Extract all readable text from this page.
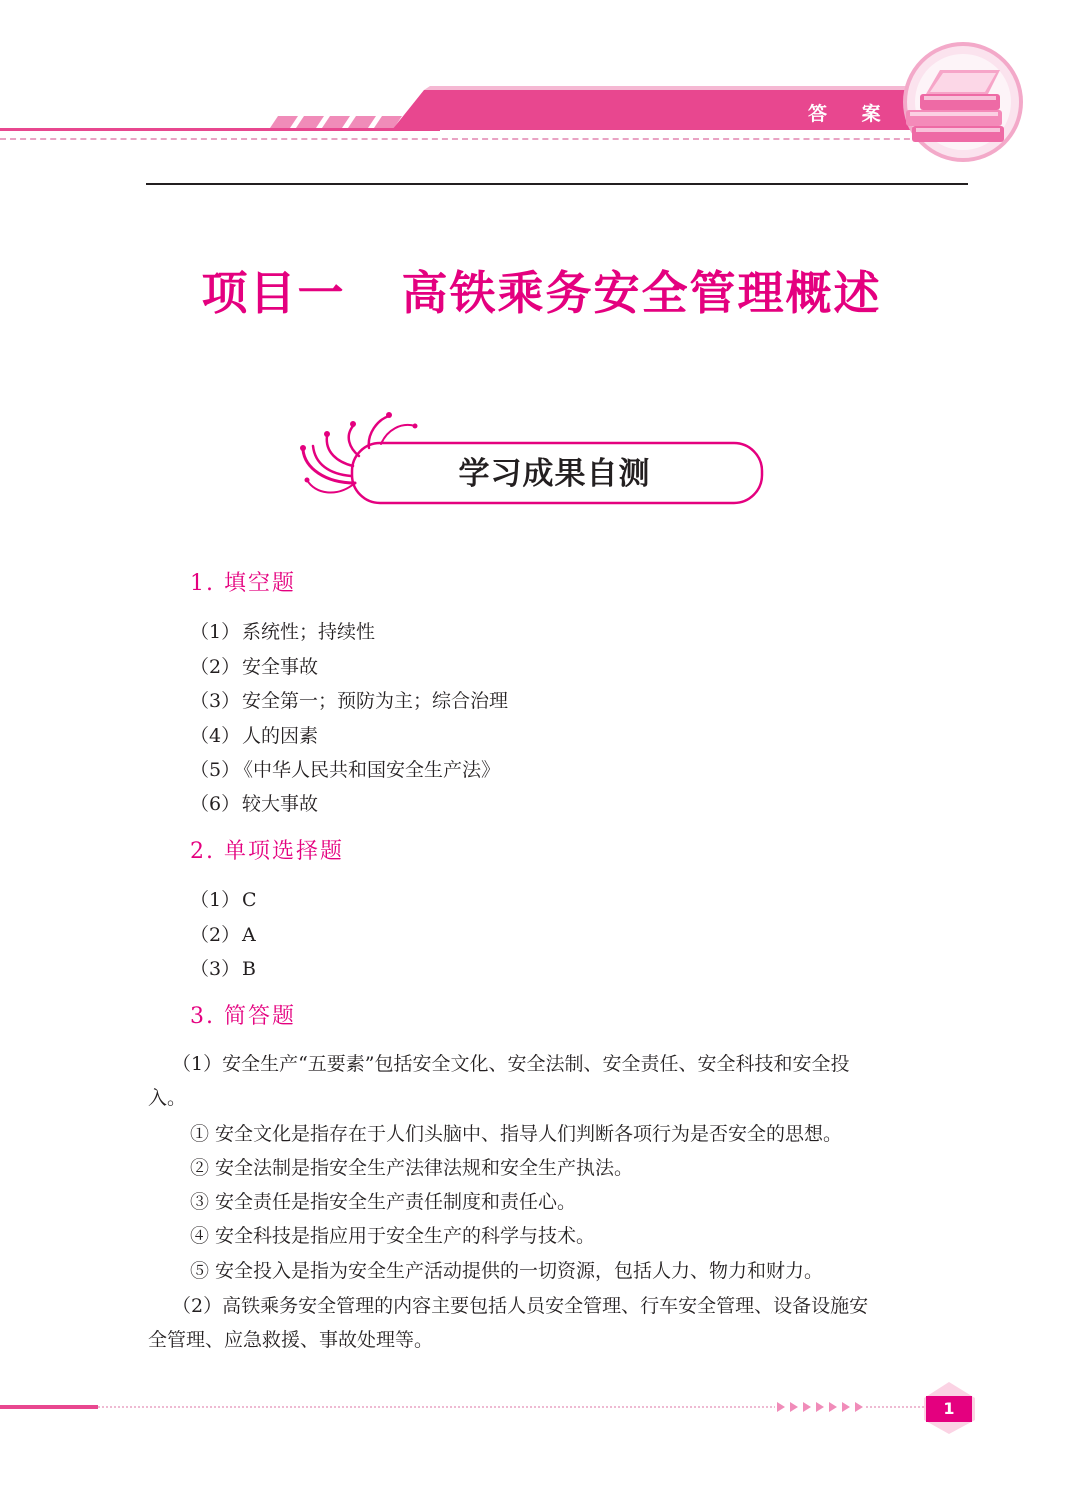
答 案
项目一 高铁乘务安全管理概述
学习成果自测
1. 填空题
（1） 系统性；持续性
（2） 安全事故
（3） 安全第一；预防为主；综合治理
（4） 人的因素
（5）《中华人民共和国安全生产法》
（6） 较大事故
2. 单项选择题
（1） C
（2） A
（3） B
3. 简答题
（1）安全生产“五要素”包括安全文化、安全法制、安全责任、安全科技和安全投
入。
① 安全文化是指存在于人们头脑中、指导人们判断各项行为是否安全的思想。
② 安全法制是指安全生产法律法规和安全生产执法。
③ 安全责任是指安全生产责任制度和责任心。
④ 安全科技是指应用于安全生产的科学与技术。
⑤ 安全投入是指为安全生产活动提供的一切资源，包括人力、物力和财力。
（2）高铁乘务安全管理的内容主要包括人员安全管理、行车安全管理、设备设施安
全管理、应急救援、事故处理等。
1
